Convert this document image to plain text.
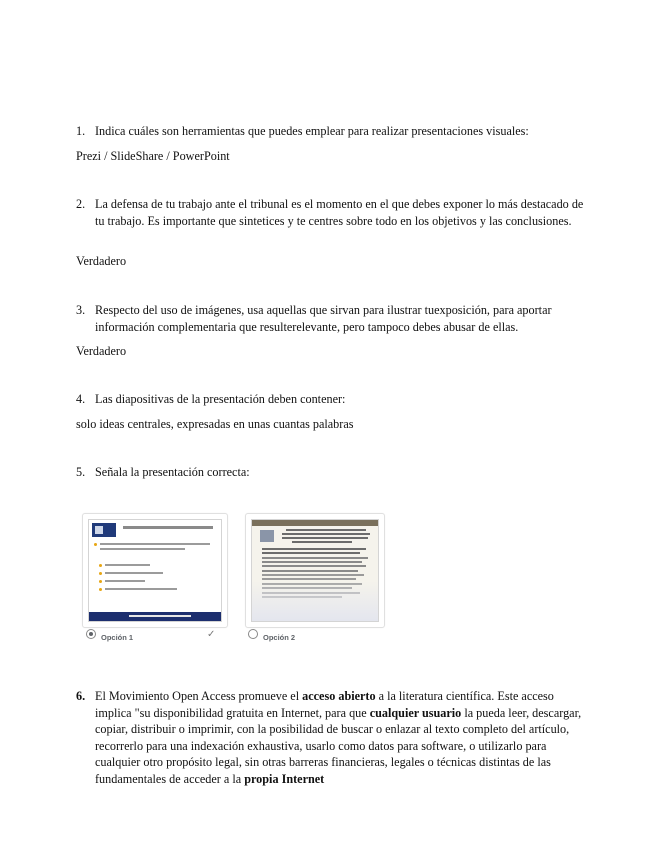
1. Indica cuáles son herramientas que puedes emplear para realizar presentaciones visuales:
Prezi / SlideShare / PowerPoint
2. La defensa de tu trabajo ante el tribunal es el momento en el que debes exponer lo más destacado de tu trabajo. Es importante que sintetices y te centres sobre todo en los objetivos y las conclusiones.
Verdadero
3. Respecto del uso de imágenes, usa aquellas que sirvan para ilustrar tuexposición, para aportar información complementaria que resulterelevante, pero tampoco debes abusar de ellas.
Verdadero
4. Las diapositivas de la presentación deben contener:
solo ideas centrales, expresadas en unas cuantas palabras
5. Señala la presentación correcta:
Opción 1	✓	Opción 2
6. El Movimiento Open Access promueve el acceso abierto a la literatura científica. Este acceso implica "su disponibilidad gratuita en Internet, para que cualquier usuario la pueda leer, descargar, copiar, distribuir o imprimir, con la posibilidad de buscar o enlazar al texto completo del artículo, recorrerlo para una indexación exhaustiva, usarlo como datos para software, o utilizarlo para cualquier otro propósito legal, sin otras barreras financieras, legales o técnicas distintas de las fundamentales de acceder a la propia Internet
